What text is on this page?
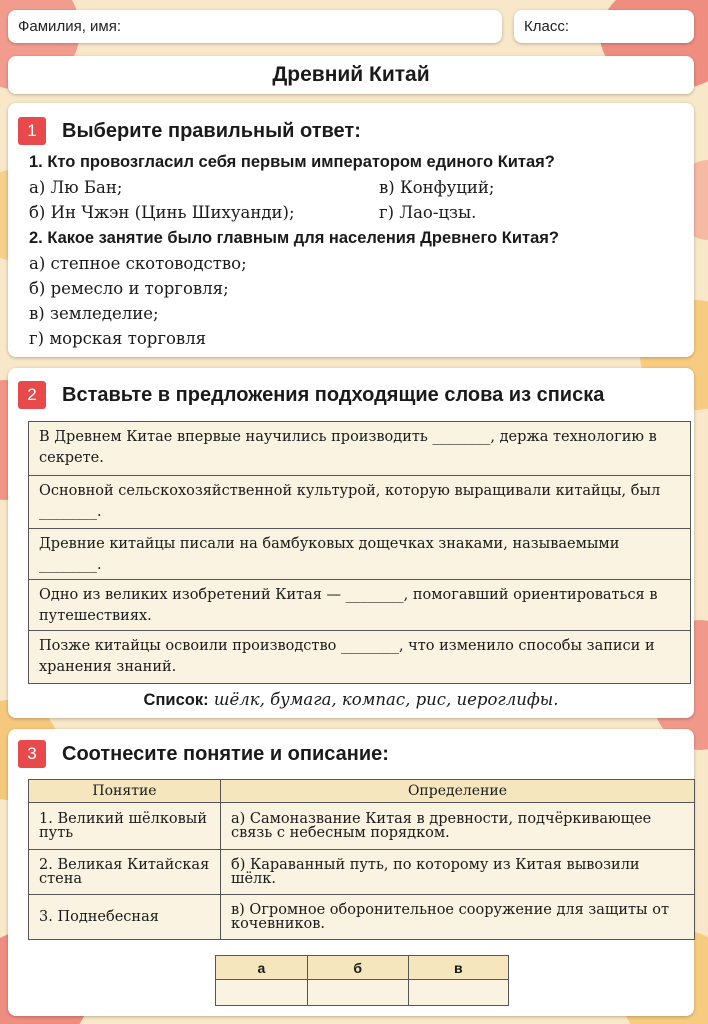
Фамилия, имя:	Класс:
Древний Китай
1	Выберите правильный ответ:
1. Кто провозгласил себя первым императором единого Китая?
а) Лю Бан;	в) Конфуций;
б) Ин Чжэн (Цинь Шихуанди);	г) Лао-цзы.
2. Какое занятие было главным для населения Древнего Китая?
а) степное скотоводство;
б) ремесло и торговля;
в) земледелие;
г) морская торговля
2	Вставьте в предложения подходящие слова из списка
В Древнем Китае впервые научились производить ________, держа технологию в секрете.
Основной сельскохозяйственной культурой, которую выращивали китайцы, был ________.
Древние китайцы писали на бамбуковых дощечках знаками, называемыми ________.
Одно из великих изобретений Китая — ________, помогавший ориентироваться в путешествиях.
Позже китайцы освоили производство ________, что изменило способы записи и хранения знаний.
Список: шёлк, бумага, компас, рис, иероглифы.
3	Соотнесите понятие и описание:
Понятие	Определение
1. Великий шёлковый путь	а) Самоназвание Китая в древности, подчёркивающее связь с небесным порядком.
2. Великая Китайская стена	б) Караванный путь, по которому из Китая вывозили шёлк.
3. Поднебесная	в) Огромное оборонительное сооружение для защиты от кочевников.
а	б	в
